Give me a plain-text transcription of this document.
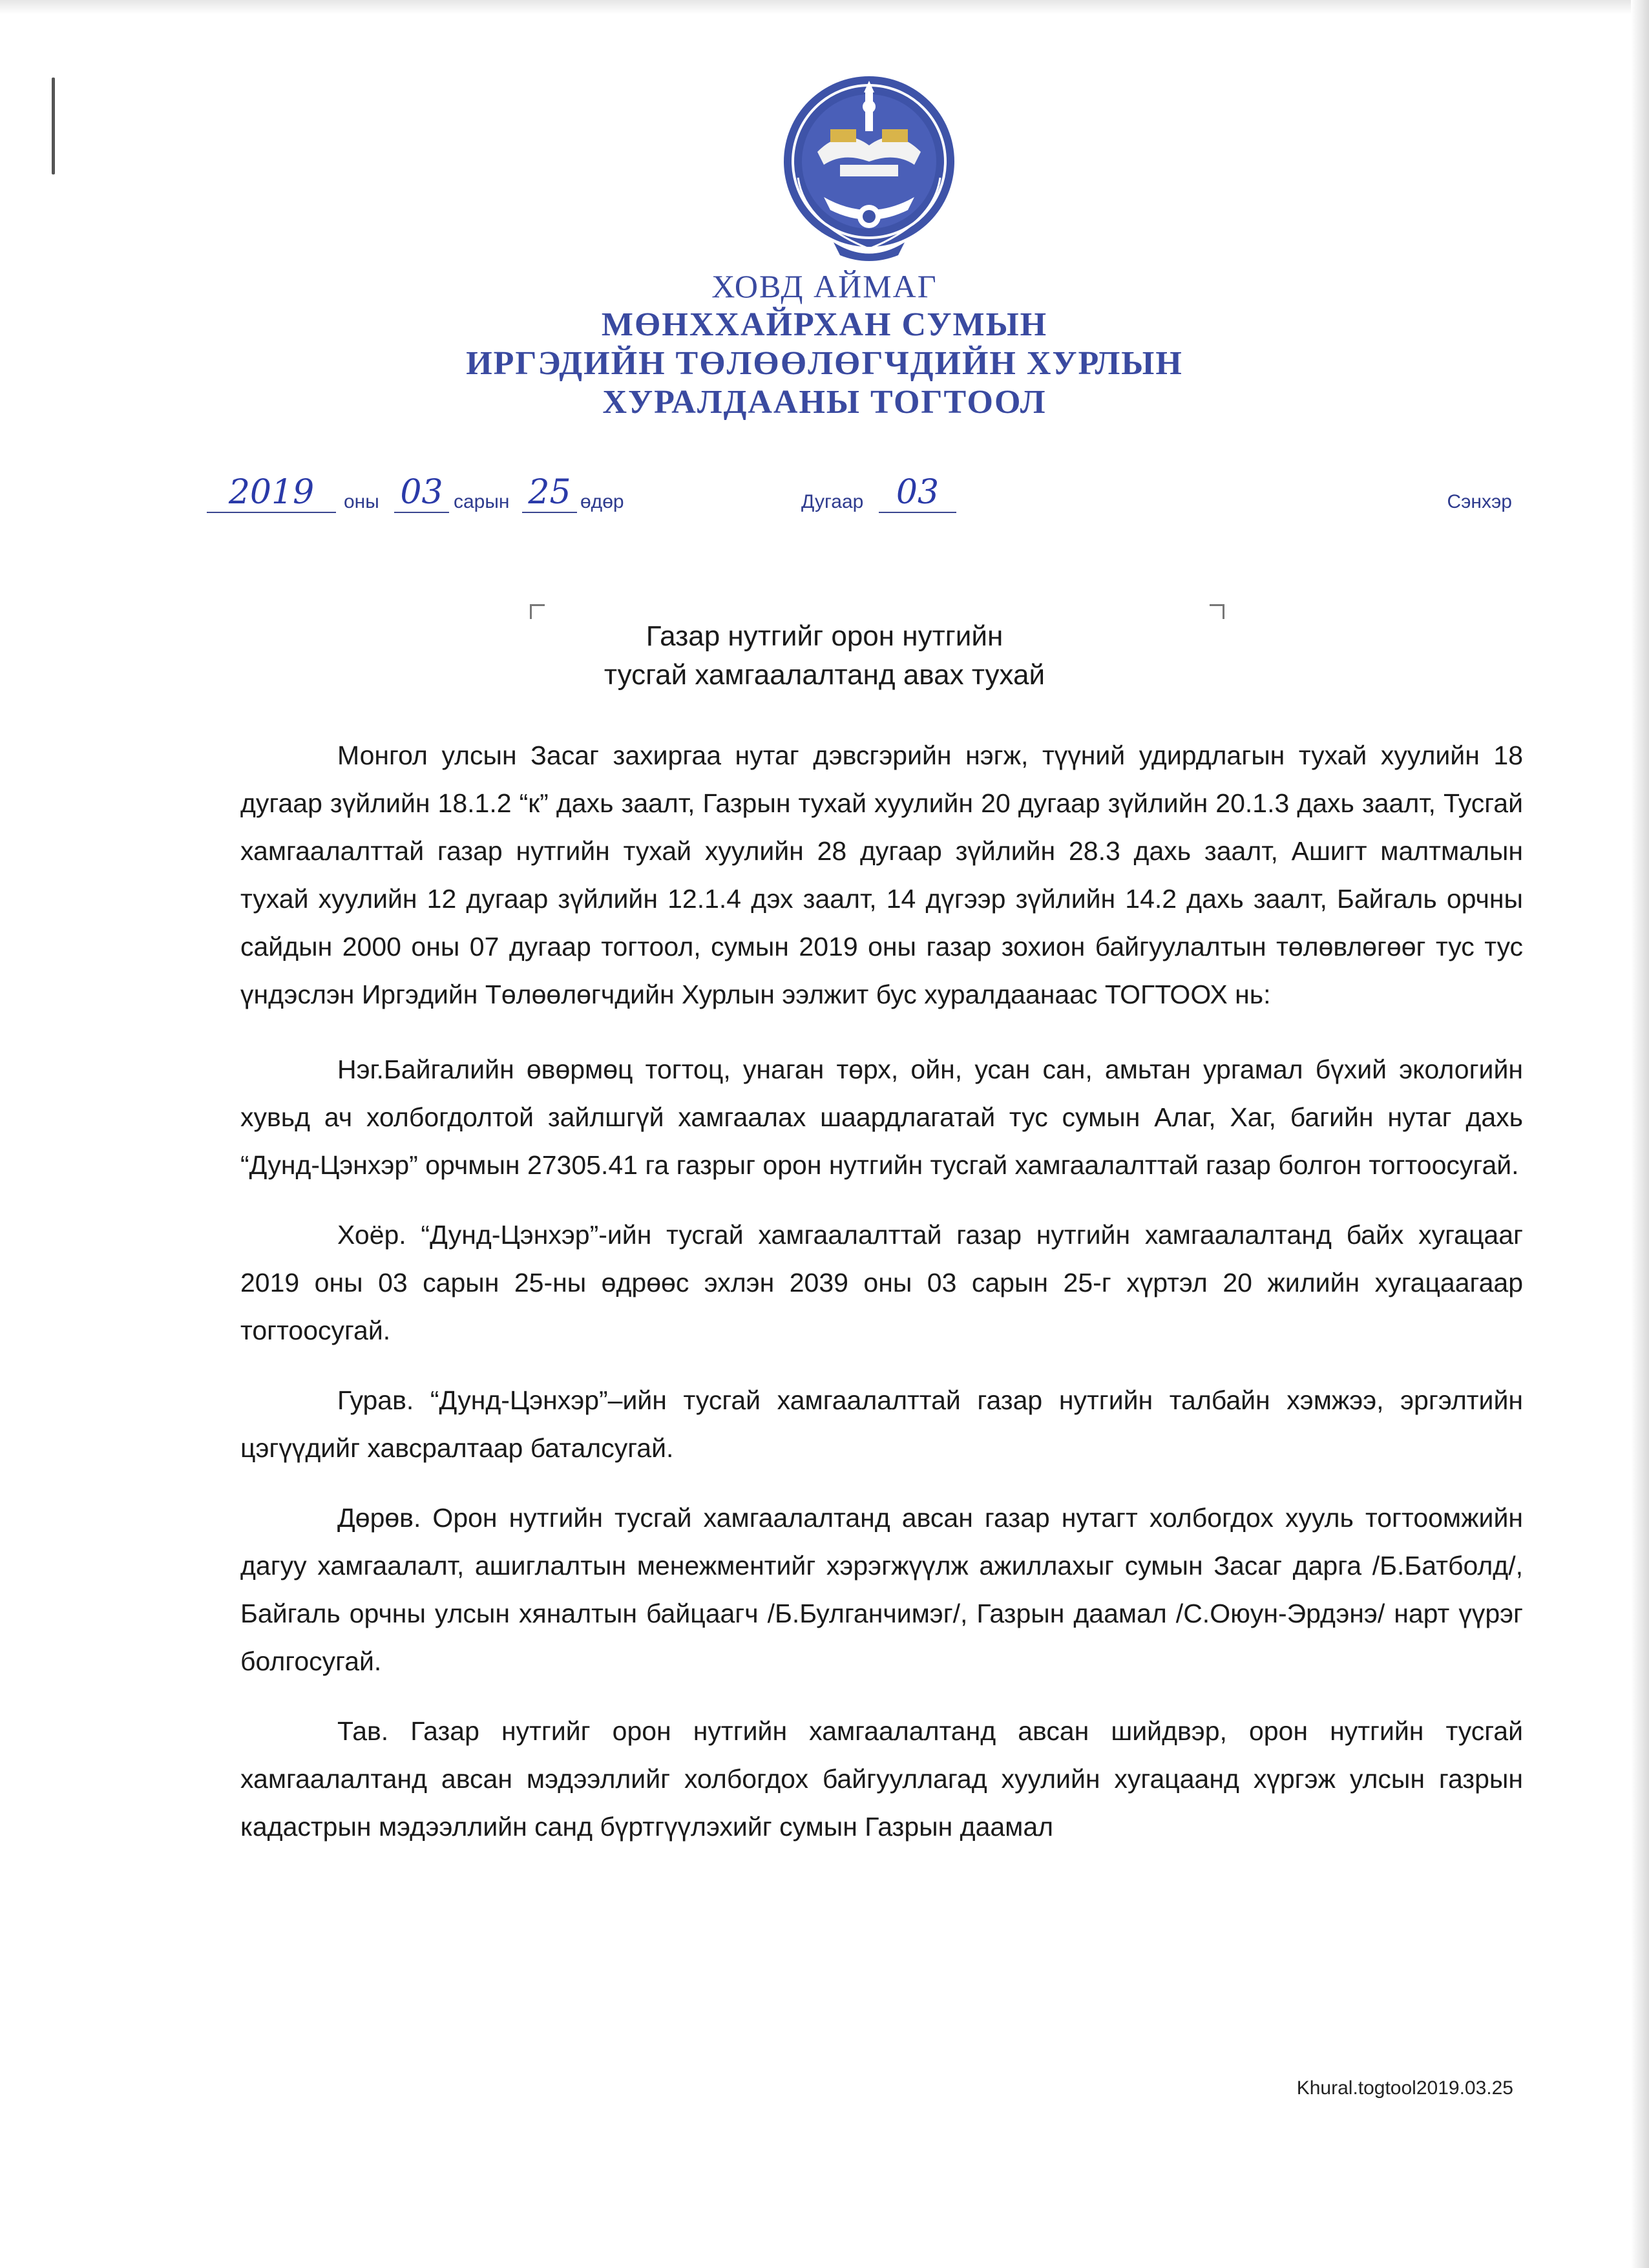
ХОВД АЙМАГ
МӨНХХАЙРХАН СУМЫН
ИРГЭДИЙН ТӨЛӨӨЛӨГЧДИЙН ХУРЛЫН
ХУРАЛДААНЫ ТОГТООЛ
2019	оны 03 сарын 25 өдөр	Дугаар 03	Сэнхэр
Газар нутгийг орон нутгийн
тусгай хамгаалалтанд авах тухай

Монгол улсын Засаг захиргаа нутаг дэвсгэрийн нэгж, түүний удирдлагын тухай хуулийн 18 дугаар зүйлийн 18.1.2 “к” дахь заалт, Газрын тухай хуулийн 20 дугаар зүйлийн 20.1.3 дахь заалт, Тусгай хамгаалалттай газар нутгийн тухай хуулийн 28 дугаар зүйлийн 28.3 дахь заалт, Ашигт малтмалын тухай хуулийн 12 дугаар зүйлийн 12.1.4 дэх заалт, 14 дүгээр зүйлийн 14.2 дахь заалт, Байгаль орчны сайдын 2000 оны 07 дугаар тогтоол, сумын 2019 оны газар зохион байгуулалтын төлөвлөгөөг тус тус үндэслэн Иргэдийн Төлөөлөгчдийн Хурлын ээлжит бус хуралдаанаас ТОГТООХ нь:

Нэг.Байгалийн өвөрмөц тогтоц, унаган төрх, ойн, усан сан, амьтан ургамал бүхий экологийн хувьд ач холбогдолтой зайлшгүй хамгаалах шаардлагатай тус сумын Алаг, Хаг, багийн нутаг дахь “Дунд-Цэнхэр” орчмын 27305.41 га газрыг орон нутгийн тусгай хамгаалалттай газар болгон тогтоосугай.

Хоёр. “Дунд-Цэнхэр”-ийн тусгай хамгаалалттай газар нутгийн хамгаалалтанд байх хугацааг 2019 оны 03 сарын 25-ны өдрөөс эхлэн 2039 оны 03 сарын 25-г хүртэл 20 жилийн хугацаагаар тогтоосугай.

Гурав. “Дунд-Цэнхэр”–ийн тусгай хамгаалалттай газар нутгийн талбайн хэмжээ, эргэлтийн цэгүүдийг хавсралтаар баталсугай.

Дөрөв. Орон нутгийн тусгай хамгаалалтанд авсан газар нутагт холбогдох хууль тогтоомжийн дагуу хамгаалалт, ашиглалтын менежментийг хэрэгжүүлж ажиллахыг сумын Засаг дарга /Б.Батболд/, Байгаль орчны улсын хяналтын байцаагч /Б.Булганчимэг/, Газрын даамал /С.Оюун-Эрдэнэ/ нарт үүрэг болгосугай.

Тав. Газар нутгийг орон нутгийн хамгаалалтанд авсан шийдвэр, орон нутгийн тусгай хамгаалалтанд авсан мэдээллийг холбогдох байгууллагад хуулийн хугацаанд хүргэж улсын газрын кадастрын мэдээллийн санд бүртгүүлэхийг сумын Газрын даамал

Khural.togtool2019.03.25
